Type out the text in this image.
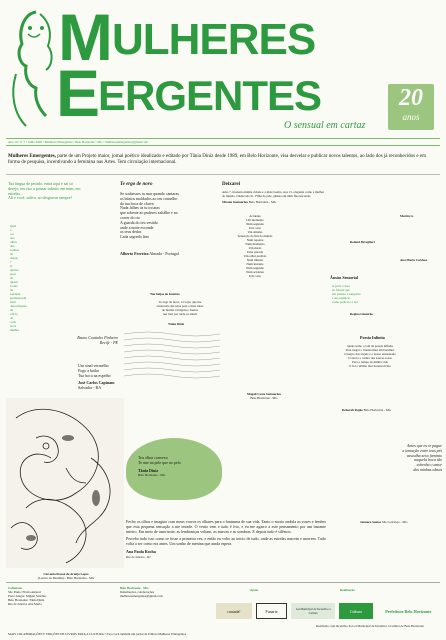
M ULHERES
E
ERGENTES
O sensual em cartaz
20
anos
Ano 10 • nº 7 • Julho 2009 • Mulheres Emergentes • Belo Horizonte • MG • mulheresemergentes@gmail.com
Mulheres Emergentes, parte de um Projeto maior, jornal poético idealizado e editado por Tânia Diniz desde 1989, em Belo Horizonte, visa desvelar e publicar novos talentos, ao lado dos já reconhecidos e em forma de pesquisa, incentivando a feminina nas Artes. Tem circulação internacional.
Tua língua de pecado, entra aqui e sai só
desejo, teu riso a pousar infinito em mim, em
estrelas...
Ali e você, saliva, ao desgravar sempre!
Qual
a
cor
dos
olhos
dos
sonhos
de
desejo
?
O
queixo
gozo
do
querer
Cores
da
saudade
permanecem
num
descompasso
de
ofício
de
cada
nova
mulher
Bruno Coutinho Pinheiro
Recife - PE
Um sinal vermelho
Fogo a bailar
Tua boca na espelho
José Carlos Capinam
Salvador - BA
Clovania Pessoa de Araújo Lopes
(Louvre de Moulins) - Belo Horizonte - MG
Te ergo de novo
Se soubesses tu mar quando cantaras
os búzios moldados ao teu conselho
da tua boca de chuva
Nada falhes as tu tocaras
que sobeste ao puderes saltálhe e no
correr do rio
A guarda do teu vestido
onde a noite esconde
os teus dedos
Cada segredo fino
Alberto Ferreira Almada - Portugal
Tua beijas do Instinto
Te ergo de novo, ó Corpo que me
arrancaste das telas para o meu saber
de muitas vertigens e frestas
nas luas por onde os sinais
Tânia Diniz
Teu olhar convexo
Te une na pele que no pelo
Tânia Diniz
Belo Horizonte - MG
Fecho os olhos e imagino com meus cravos os olhares para o fantasma de sua vida. Tanto o morto ondula as vozes e lembro que esta pequena sensação a me invade. O vento vem e tudo é frio, e eu me agarro a este pensamento por um instante inteiro. Em meio de uma noite, as lembranças voltam, as marcas e as sombras. E depois tudo é silêncio.
Percebo tudo isso como se fosse a primeira vez, e então eu volto ao início de tudo, onde as estrelas nascem e morrem. Tudo volta a ser como era antes. Um sonho de menina que ainda espera.
Ana Paula Rocha
Rio de Janeiro - RJ
Deixarei
Amo 7, moderna minha cidade e a mais bonita. Aos 15, elegante como a mulher
do mundo. Ondas são 21. Filha de pele, gêmea em mim fluorescendo.
Silvana Guimarães Belo Horizonte - MG
Acidente
Um momento
Num segundo
Um corte
Um abismo
Sensação do fim do mundo
Num repente
Num momento
Um medo
Uma estrada
Um olhar perdido
Num minuto
Num instante
Num segundo
Num acidente
Um corte
Martin G.
Roland Bevagliari
Ana Maria Cardoso
Ânsias Sensorial
A parte a doer
no falsete que
em paraíso e sangrado
e sua essência
como pedir rio a dor
Regina Limeirão
Poesia Infinita
Quais serão o tom da poesia infinita
Para rasgar o transformar em barulhos
O negro dos rógeis e o nosso entonteado
O azul e o ventre das suaves rosas
Para o tempo de minha vida
E foi o ultimo mar desenvolvido
Deborah Rajão Belo Horizonte - MG
Antes que eu te pague
a tentação entre teus pés
vasculha sexo faminto
naquela boca tão
soberba o amor
das minhas almas
Januara Santos São Lourenço - MG
Magali Costa Guimarães
Belo Horizonte - MG
Colunistas
São Paulo: Flávia Amaral
Porto Alegre: Miguel Sanches
Belo Horizonte: Tânia Diniz
Rio de Janeiro: Ana Maria
Belo Horizonte - MG
Informações, colaborações
mulheresemergentes@gmail.com
Apoio	Realização
cantada!	Funarte	Lei Municipal de Incentivo à Cultura	Cultura	Prefeitura Belo Horizonte
Realizado com incentivo da Lei Municipal de Incentivo à Cultura de Belo Horizonte
MAIS COLABORAÇÕES E EDIÇÕES DE LIVROS PARA A CULTURA • Faça você também um jornal da Editora Mulheres Emergentes
